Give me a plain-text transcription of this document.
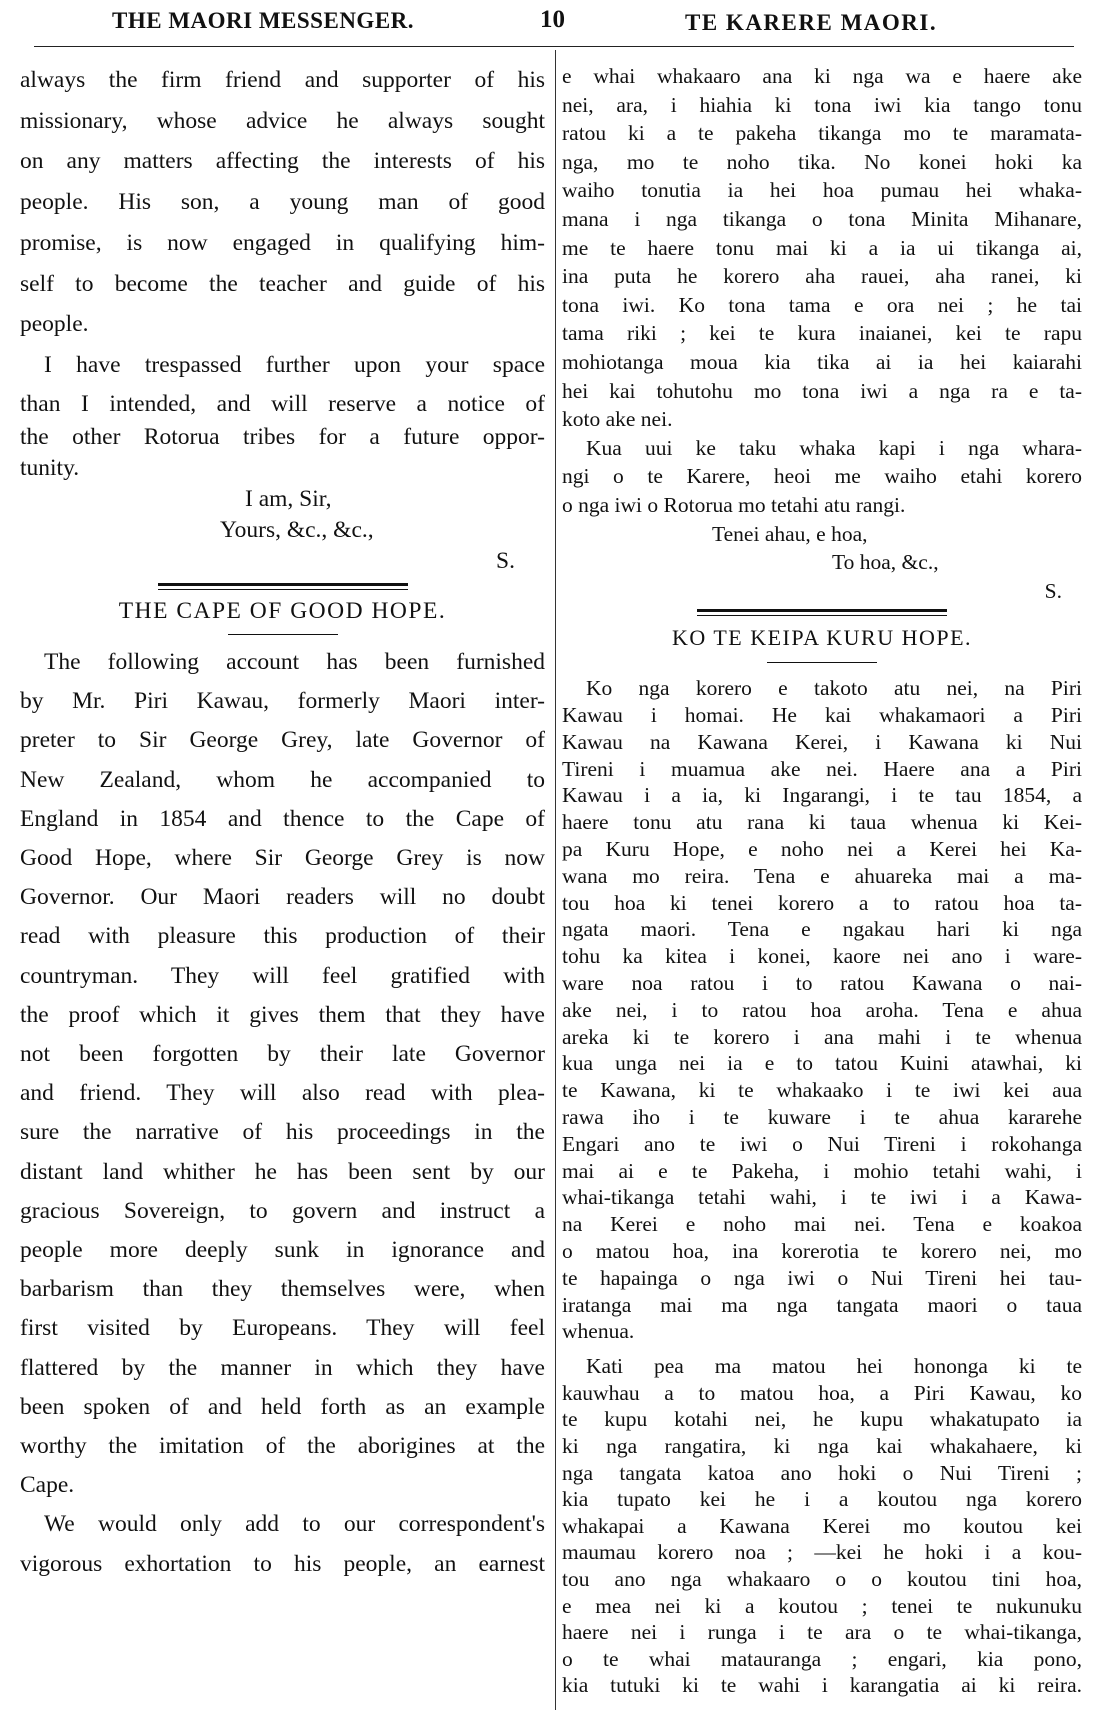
THE MAORI MESSENGER.	10	TE KARERE MAORI.
always the firm friend and supporter of his
missionary, whose advice he always sought
on any matters affecting the interests of his
people. His son, a young man of good
promise, is now engaged in qualifying him-
self to become the teacher and guide of his
people.
I have trespassed further upon your space
than I intended, and will reserve a notice of
the other Rotorua tribes for a future oppor-
tunity.
I am, Sir,
Yours, &c., &c.,
S.
THE CAPE OF GOOD HOPE.
The following account has been furnished
by Mr. Piri Kawau, formerly Maori inter-
preter to Sir George Grey, late Governor of
New Zealand, whom he accompanied to
England in 1854 and thence to the Cape of
Good Hope, where Sir George Grey is now
Governor. Our Maori readers will no doubt
read with pleasure this production of their
countryman. They will feel gratified with
the proof which it gives them that they have
not been forgotten by their late Governor
and friend. They will also read with plea-
sure the narrative of his proceedings in the
distant land whither he has been sent by our
gracious Sovereign, to govern and instruct a
people more deeply sunk in ignorance and
barbarism than they themselves were, when
first visited by Europeans. They will feel
flattered by the manner in which they have
been spoken of and held forth as an example
worthy the imitation of the aborigines at the
Cape.
We would only add to our correspondent's
vigorous exhortation to his people, an earnest
e whai whakaaro ana ki nga wa e haere ake
nei, ara, i hiahia ki tona iwi kia tango tonu
ratou ki a te pakeha tikanga mo te maramata-
nga, mo te noho tika. No konei hoki ka
waiho tonutia ia hei hoa pumau hei whaka-
mana i nga tikanga o tona Minita Mihanare,
me te haere tonu mai ki a ia ui tikanga ai,
ina puta he korero aha rauei, aha ranei, ki
tona iwi. Ko tona tama e ora nei ; he tai
tama riki ; kei te kura inaianei, kei te rapu
mohiotanga moua kia tika ai ia hei kaiarahi
hei kai tohutohu mo tona iwi a nga ra e ta-
koto ake nei.
Kua uui ke taku whaka kapi i nga whara-
ngi o te Karere, heoi me waiho etahi korero
o nga iwi o Rotorua mo tetahi atu rangi.
Tenei ahau, e hoa,
To hoa, &c.,
S.
KO TE KEIPA KURU HOPE.
Ko nga korero e takoto atu nei, na Piri
Kawau i homai. He kai whakamaori a Piri
Kawau na Kawana Kerei, i Kawana ki Nui
Tireni i muamua ake nei. Haere ana a Piri
Kawau i a ia, ki Ingarangi, i te tau 1854, a
haere tonu atu rana ki taua whenua ki Kei-
pa Kuru Hope, e noho nei a Kerei hei Ka-
wana mo reira. Tena e ahuareka mai a ma-
tou hoa ki tenei korero a to ratou hoa ta-
ngata maori. Tena e ngakau hari ki nga
tohu ka kitea i konei, kaore nei ano i ware-
ware noa ratou i to ratou Kawana o nai-
ake nei, i to ratou hoa aroha. Tena e ahua
areka ki te korero i ana mahi i te whenua
kua unga nei ia e to tatou Kuini atawhai, ki
te Kawana, ki te whakaako i te iwi kei aua
rawa iho i te kuware i te ahua kararehe
Engari ano te iwi o Nui Tireni i rokohanga
mai ai e te Pakeha, i mohio tetahi wahi, i
whai-tikanga tetahi wahi, i te iwi i a Kawa-
na Kerei e noho mai nei. Tena e koakoa
o matou hoa, ina korerotia te korero nei, mo
te hapainga o nga iwi o Nui Tireni hei tau-
iratanga mai ma nga tangata maori o taua
whenua.
Kati pea ma matou hei hononga ki te
kauwhau a to matou hoa, a Piri Kawau, ko
te kupu kotahi nei, he kupu whakatupato ia
ki nga rangatira, ki nga kai whakahaere, ki
nga tangata katoa ano hoki o Nui Tireni ;
kia tupato kei he i a koutou nga korero
whakapai a Kawana Kerei mo koutou kei
maumau korero noa ; —kei he hoki i a kou-
tou ano nga whakaaro o o koutou tini hoa,
e mea nei ki a koutou ; tenei te nukunuku
haere nei i runga i te ara o te whai-tikanga,
o te whai matauranga ; engari, kia pono,
kia tutuki ki te wahi i karangatia ai ki reira.
